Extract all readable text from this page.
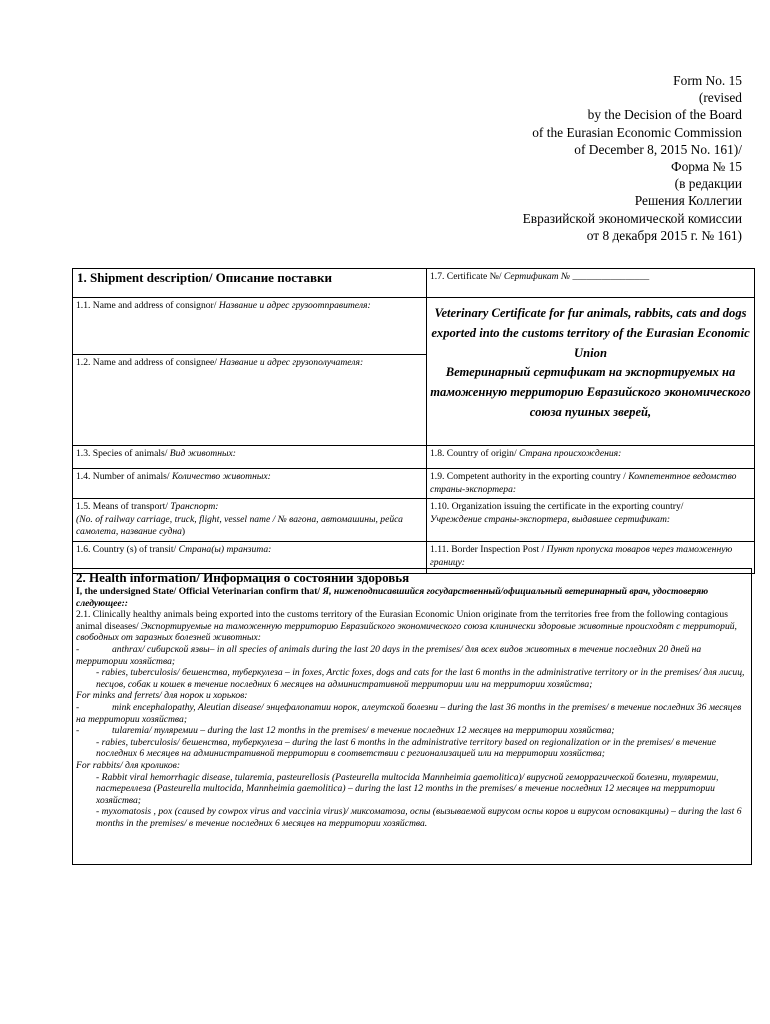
Form No. 15
(revised
by the Decision of the Board
of the Eurasian Economic Commission
of December 8, 2015 No. 161)/
Форма № 15
(в редакции
Решения Коллегии
Евразийской экономической комиссии
от 8 декабря 2015 г. № 161)
1. Shipment description/ Описание поставки	1.7. Certificate №/ Сертификат № ________________
1.1. Name and address of consignor/ Название и адрес грузоотправителя:	Veterinary Certificate for fur animals, rabbits, cats and dogs exported into the customs territory of the Eurasian Economic Union
Ветеринарный сертификат на экспортируемых на таможенную территорию Евразийского экономического союза пушных зверей,

1.2. Name and address of consignee/ Название и адрес грузополучателя:	
1.3. Species of animals/ Вид животных:	1.8. Country of origin/ Страна происхождения:
1.4. Number of animals/ Количество животных:	1.9. Competent authority in the exporting country / Компетентное ведомство страны-экспортера:
1.5. Means of transport/ Транспорт:
(No. of railway carriage, truck, flight, vessel name / № вагона, автомашины, рейса самолета, название судна)	1.10. Organization issuing the certificate in the exporting country/
Учреждение страны-экспортера, выдавшее сертификат:
1.6. Country (s) of transit/ Страна(ы) транзита:	1.11. Border Inspection Post / Пункт пропуска товаров через таможенную границу:

2. Health information/ Информация о состоянии здоровья

I, the undersigned State/ Official Veterinarian confirm that/ Я, нижеподписавшийся государственный/официальный ветеринарный врач, удостоверяю следующее::

2.1. Clinically healthy animals being exported into the customs territory of the Eurasian Economic Union originate from the territories free from the following contagious animal diseases/ Экспортируемые на таможенную территорию Евразийского экономического союза клинически здоровые животные происходят с территорий, свободных от заразных болезней животных:

-	anthrax/ сибирской язвы– in all species of animals during the last 20 days in the premises/ для всех видов животных в течение последних 20 дней на территории хозяйства;

- rabies, tuberculosis/ бешенства, туберкулеза – in foxes, Arctic foxes, dogs and cats for the last 6 months in the administrative territory or in the premises/ для лисиц, песцов, собак и кошек в течение последних 6 месяцев на административной территории или на территории хозяйства;

For minks and ferrets/ для норок и хорьков:

-	mink encephalopathy, Aleutian disease/ энцефалопатии норок, алеутской болезни – during the last 36 months in the premises/ в течение последних 36 месяцев на территории хозяйства;

-	tularemia/ туляремии – during the last 12 months in the premises/ в течение последних 12 месяцев на территории хозяйства;

- rabies, tuberculosis/ бешенства, туберкулеза – during the last 6 months in the administrative territory based on regionalization or in the premises/ в течение последних 6 месяцев на административной территории в соответствии с регионализацией или на территории хозяйства;

For rabbits/ для кроликов:

- Rabbit viral hemorrhagic disease, tularemia, pasteurellosis (Pasteurella multocida Mannheimia gaemolitica)/ вирусной геморрагической болезни, туляремии, пастереллеза (Pasteurella multocida, Mannheimia gaemolitica) – during the last 12 months in the premises/ в течение последних 12 месяцев на территории хозяйства;

- myxomatosis , pox (caused by cowpox virus and vaccinia virus)/ миксоматоза, оспы (вызываемой вирусом оспы коров и вирусом осповакцины) – during the last 6 months in the premises/ в течение последних 6 месяцев на территории хозяйства.
